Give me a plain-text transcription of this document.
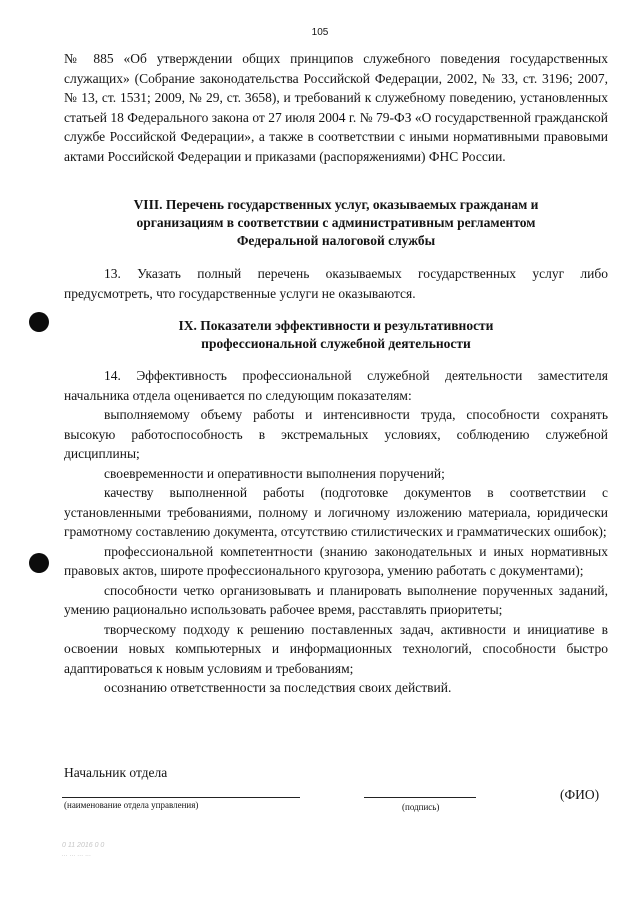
105

№ 885 «Об утверждении общих принципов служебного поведения государственных служащих» (Собрание законодательства Российской Федерации, 2002, № 33, ст. 3196; 2007, № 13, ст. 1531; 2009, № 29, ст. 3658), и требований к служебному поведению, установленных статьей 18 Федерального закона от 27 июля 2004 г. № 79-ФЗ «О государственной гражданской службе Российской Федерации», а также в соответствии с иными нормативными правовыми актами Российской Федерации и приказами (распоряжениями) ФНС России.

VIII. Перечень государственных услуг, оказываемых гражданам и
организациям в соответствии с административным регламентом
Федеральной налоговой службы

13. Указать полный перечень оказываемых государственных услуг либо предусмотреть, что государственные услуги не оказываются.

IX. Показатели эффективности и результативности
профессиональной служебной деятельности

14. Эффективность профессиональной служебной деятельности заместителя начальника отдела оценивается по следующим показателям:

выполняемому объему работы и интенсивности труда, способности сохранять высокую работоспособность в экстремальных условиях, соблюдению служебной дисциплины;

своевременности и оперативности выполнения поручений;

качеству выполненной работы (подготовке документов в соответствии с установленными требованиями, полному и логичному изложению материала, юридически грамотному составлению документа, отсутствию стилистических и грамматических ошибок);

профессиональной компетентности (знанию законодательных и иных нормативных правовых актов, широте профессионального кругозора, умению работать с документами);

способности четко организовывать и планировать выполнение порученных заданий, умению рационально использовать рабочее время, расставлять приоритеты;

творческому подходу к решению поставленных задач, активности и инициативе в освоении новых компьютерных и информационных технологий, способности быстро адаптироваться к новым условиям и требованиям;

осознанию ответственности за последствия своих действий.

Начальник отдела
(наименование отдела управления)	(подпись)
(ФИО)
0 11 2016 0 0
... ... ... ...
